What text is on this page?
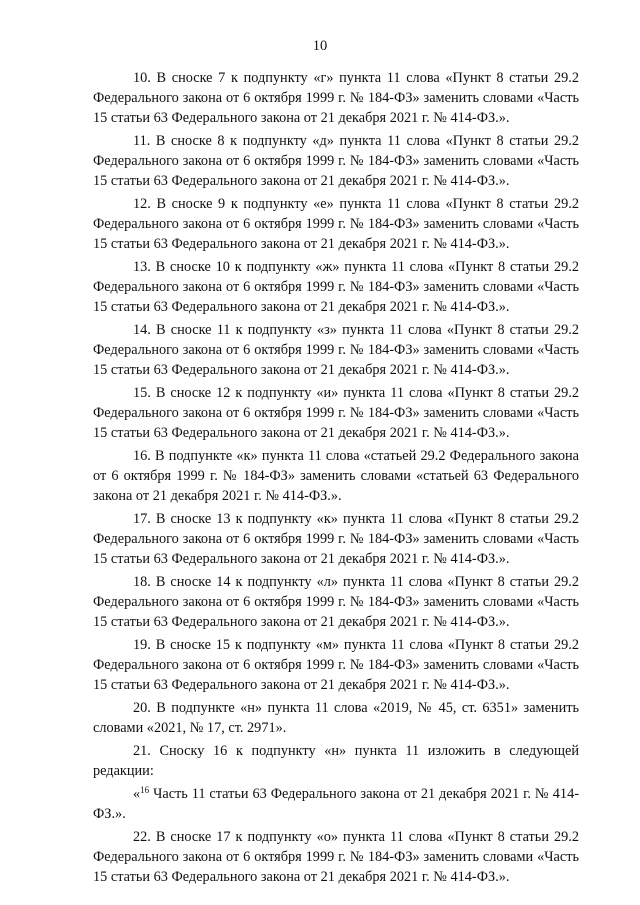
10

10. В сноске 7 к подпункту «г» пункта 11 слова «Пункт 8 статьи 29.2 Федерального закона от 6 октября 1999 г. № 184-ФЗ» заменить словами «Часть 15 статьи 63 Федерального закона от 21 декабря 2021 г. № 414-ФЗ.».

11. В сноске 8 к подпункту «д» пункта 11 слова «Пункт 8 статьи 29.2 Федерального закона от 6 октября 1999 г. № 184-ФЗ» заменить словами «Часть 15 статьи 63 Федерального закона от 21 декабря 2021 г. № 414-ФЗ.».

12. В сноске 9 к подпункту «е» пункта 11 слова «Пункт 8 статьи 29.2 Федерального закона от 6 октября 1999 г. № 184-ФЗ» заменить словами «Часть 15 статьи 63 Федерального закона от 21 декабря 2021 г. № 414-ФЗ.».

13. В сноске 10 к подпункту «ж» пункта 11 слова «Пункт 8 статьи 29.2 Федерального закона от 6 октября 1999 г. № 184-ФЗ» заменить словами «Часть 15 статьи 63 Федерального закона от 21 декабря 2021 г. № 414-ФЗ.».

14. В сноске 11 к подпункту «з» пункта 11 слова «Пункт 8 статьи 29.2 Федерального закона от 6 октября 1999 г. № 184-ФЗ» заменить словами «Часть 15 статьи 63 Федерального закона от 21 декабря 2021 г. № 414-ФЗ.».

15. В сноске 12 к подпункту «и» пункта 11 слова «Пункт 8 статьи 29.2 Федерального закона от 6 октября 1999 г. № 184-ФЗ» заменить словами «Часть 15 статьи 63 Федерального закона от 21 декабря 2021 г. № 414-ФЗ.».

16. В подпункте «к» пункта 11 слова «статьей 29.2 Федерального закона от 6 октября 1999 г. № 184-ФЗ» заменить словами «статьей 63 Федерального закона от 21 декабря 2021 г. № 414-ФЗ.».

17. В сноске 13 к подпункту «к» пункта 11 слова «Пункт 8 статьи 29.2 Федерального закона от 6 октября 1999 г. № 184-ФЗ» заменить словами «Часть 15 статьи 63 Федерального закона от 21 декабря 2021 г. № 414-ФЗ.».

18. В сноске 14 к подпункту «л» пункта 11 слова «Пункт 8 статьи 29.2 Федерального закона от 6 октября 1999 г. № 184-ФЗ» заменить словами «Часть 15 статьи 63 Федерального закона от 21 декабря 2021 г. № 414-ФЗ.».

19. В сноске 15 к подпункту «м» пункта 11 слова «Пункт 8 статьи 29.2 Федерального закона от 6 октября 1999 г. № 184-ФЗ» заменить словами «Часть 15 статьи 63 Федерального закона от 21 декабря 2021 г. № 414-ФЗ.».

20. В подпункте «н» пункта 11 слова «2019, № 45, ст. 6351» заменить словами «2021, № 17, ст. 2971».

21. Сноску 16 к подпункту «н» пункта 11 изложить в следующей редакции:

«$^{16}$ Часть 11 статьи 63 Федерального закона от 21 декабря 2021 г. № 414-ФЗ.».

22. В сноске 17 к подпункту «о» пункта 11 слова «Пункт 8 статьи 29.2 Федерального закона от 6 октября 1999 г. № 184-ФЗ» заменить словами «Часть 15 статьи 63 Федерального закона от 21 декабря 2021 г. № 414-ФЗ.».
